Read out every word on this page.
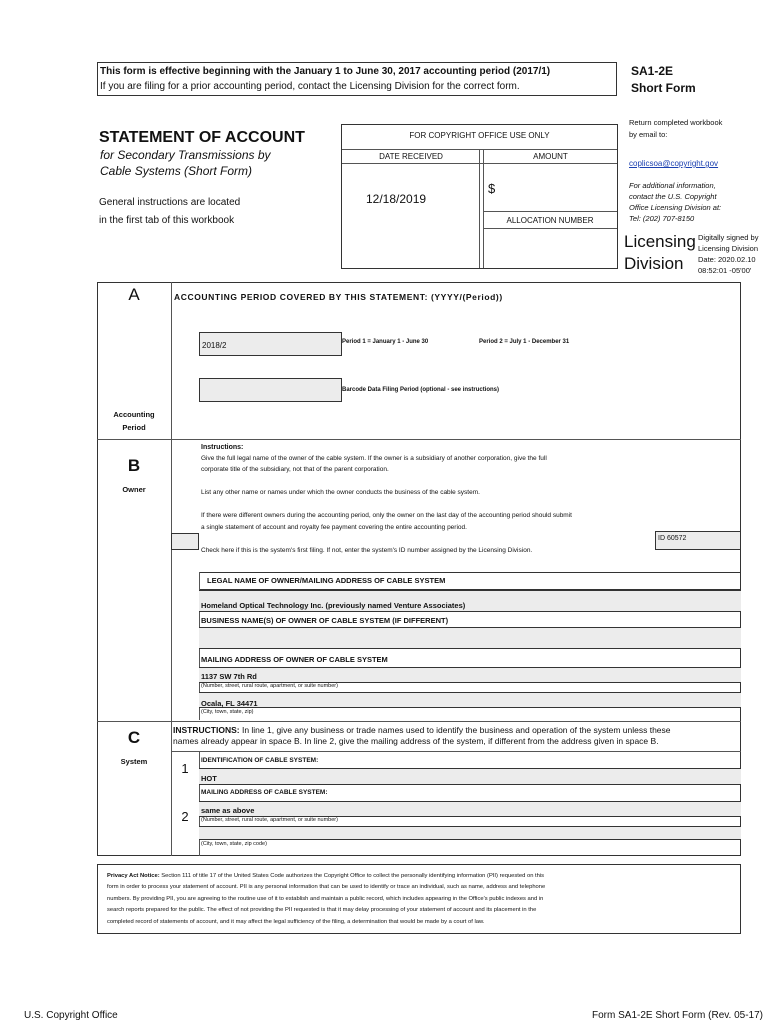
This form is effective beginning with the January 1 to June 30, 2017 accounting period (2017/1)
If you are filing for a prior accounting period, contact the Licensing Division for the correct form.
SA1-2E
Short Form
STATEMENT OF ACCOUNT
for Secondary Transmissions by
Cable Systems (Short Form)
General instructions are located
in the first tab of this workbook
FOR COPYRIGHT OFFICE USE ONLY
DATE RECEIVED	AMOUNT
12/18/2019
$
ALLOCATION NUMBER
Return completed workbook
by email to:
coplicsoa@copyright.gov
For additional information,
contact the U.S. Copyright
Office Licensing Division at:
Tel: (202) 707-8150
Licensing
Division
Digitally signed by
Licensing Division
Date: 2020.02.10
08:52:01 -05'00'
A
Accounting
Period
ACCOUNTING PERIOD COVERED BY THIS STATEMENT: (YYYY/(Period))
2018/2	Period 1 = January 1 - June 30	Period 2 = July 1 - December 31
Barcode Data Filing Period (optional - see instructions)
B
Owner
Instructions:
Give the full legal name of the owner of the cable system. If the owner is a subsidiary of another corporation, give the full
corporate title of the subsidiary, not that of the parent corporation.
List any other name or names under which the owner conducts the business of the cable system.
If there were different owners during the accounting period, only the owner on the last day of the accounting period should submit
a single statement of account and royalty fee payment covering the entire accounting period.
Check here if this is the system's first filing. If not, enter the system's ID number assigned by the Licensing Division.
ID 60572
LEGAL NAME OF OWNER/MAILING ADDRESS OF CABLE SYSTEM
Homeland Optical Technology Inc. (previously named Venture Associates)
BUSINESS NAME(S) OF OWNER OF CABLE SYSTEM (IF DIFFERENT)
MAILING ADDRESS OF OWNER OF CABLE SYSTEM
1137 SW 7th Rd
(Number, street, rural route, apartment, or suite number)
Ocala, FL 34471
(City, town, state, zip)
C
System
INSTRUCTIONS: In line 1, give any business or trade names used to identify the business and operation of the system unless these
names already appear in space B. In line 2, give the mailing address of the system, if different from the address given in space B.
1
IDENTIFICATION OF CABLE SYSTEM:
HOT
MAILING ADDRESS OF CABLE SYSTEM:
2	same as above
(Number, street, rural route, apartment, or suite number)
(City, town, state, zip code)
Privacy Act Notice: Section 111 of title 17 of the United States Code authorizes the Copyright Office to collect the personally identifying information (PII) requested on this
form in order to process your statement of account. PII is any personal information that can be used to identify or trace an individual, such as name, address and telephone
numbers. By providing PII, you are agreeing to the routine use of it to establish and maintain a public record, which includes appearing in the Office's public indexes and in
search reports prepared for the public. The effect of not providing the PII requested is that it may delay processing of your statement of account and its placement in the
completed record of statements of account, and it may affect the legal sufficiency of the filing, a determination that would be made by a court of law.
U.S. Copyright Office	Form SA1-2E Short Form (Rev. 05-17)
